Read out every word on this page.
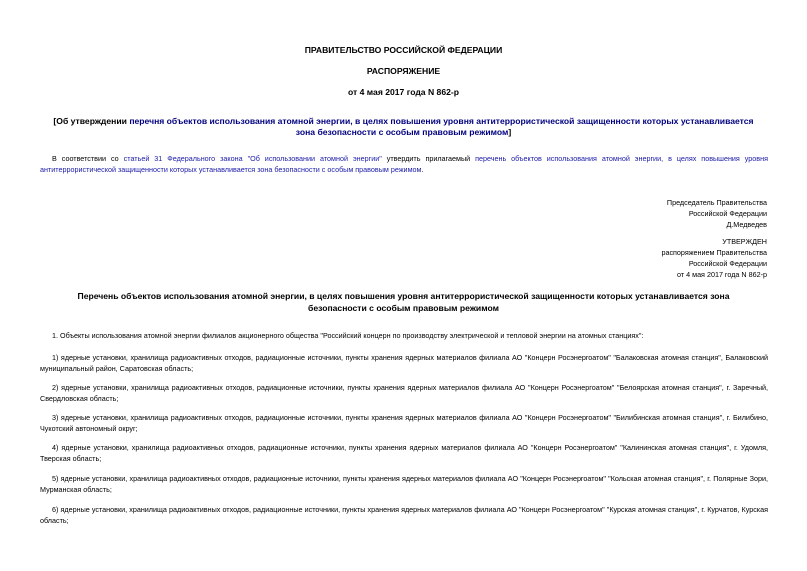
ПРАВИТЕЛЬСТВО РОССИЙСКОЙ ФЕДЕРАЦИИ
РАСПОРЯЖЕНИЕ
от 4 мая 2017 года N 862-р
[Об утверждении перечня объектов использования атомной энергии, в целях повышения уровня антитеррористической защищенности которых устанавливается
зона безопасности с особым правовым режимом]
В соответствии со статьей 31 Федерального закона "Об использовании атомной энергии" утвердить прилагаемый перечень объектов использования атомной энергии, в целях повышения уровня
антитеррористической защищенности которых устанавливается зона безопасности с особым правовым режимом.
Председатель Правительства
Российской Федерации
Д.Медведев
УТВЕРЖДЕН
распоряжением Правительства
Российской Федерации
от 4 мая 2017 года N 862-р
Перечень объектов использования атомной энергии, в целях повышения уровня антитеррористической защищенности которых устанавливается зона
безопасности с особым правовым режимом
1. Объекты использования атомной энергии филиалов акционерного общества "Российский концерн по производству электрической и тепловой энергии на атомных станциях":
1) ядерные установки, хранилища радиоактивных отходов, радиационные источники, пункты хранения ядерных материалов филиала АО "Концерн Росэнергоатом" "Балаковская атомная станция", Балаковский
муниципальный район, Саратовская область;
2) ядерные установки, хранилища радиоактивных отходов, радиационные источники, пункты хранения ядерных материалов филиала АО "Концерн Росэнергоатом" "Белоярская атомная станция", г. Заречный,
Свердловская область;
3) ядерные установки, хранилища радиоактивных отходов, радиационные источники, пункты хранения ядерных материалов филиала АО "Концерн Росэнергоатом" "Билибинская атомная станция", г. Билибино,
Чукотский автономный округ;
4) ядерные установки, хранилища радиоактивных отходов, радиационные источники, пункты хранения ядерных материалов филиала АО "Концерн Росэнергоатом" "Калининская атомная станция", г. Удомля,
Тверская область;
5) ядерные установки, хранилища радиоактивных отходов, радиационные источники, пункты хранения ядерных материалов филиала АО "Концерн Росэнергоатом" "Кольская атомная станция", г. Полярные Зори,
Мурманская область;
6) ядерные установки, хранилища радиоактивных отходов, радиационные источники, пункты хранения ядерных материалов филиала АО "Концерн Росэнергоатом" "Курская атомная станция", г. Курчатов, Курская
область;
